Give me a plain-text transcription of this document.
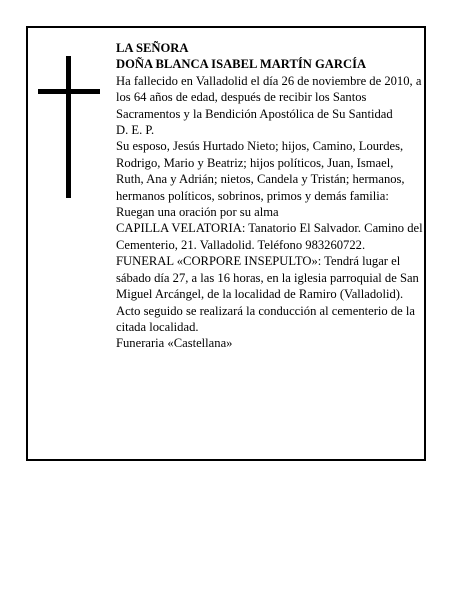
LA SEÑORA

DOÑA BLANCA ISABEL MARTÍN GARCÍA

Ha fallecido en Valladolid el día 26 de noviembre de 2010, a los 64 años de edad, después de recibir los Santos Sacramentos y la Bendición Apostólica de Su Santidad

D. E. P.

Su esposo, Jesús Hurtado Nieto; hijos, Camino, Lourdes, Rodrigo, Mario y Beatriz; hijos políticos, Juan, Ismael, Ruth, Ana y Adrián; nietos, Candela y Tristán; hermanos, hermanos políticos, sobrinos, primos y demás familia:

Ruegan una oración por su alma

CAPILLA VELATORIA: Tanatorio El Salvador. Camino del Cementerio, 21. Valladolid. Teléfono 983260722.

FUNERAL «CORPORE INSEPULTO»: Tendrá lugar el sábado día 27, a las 16 horas, en la iglesia parroquial de San Miguel Arcángel, de la localidad de Ramiro (Valladolid). Acto seguido se realizará la conducción al cementerio de la citada localidad.

Funeraria «Castellana»
